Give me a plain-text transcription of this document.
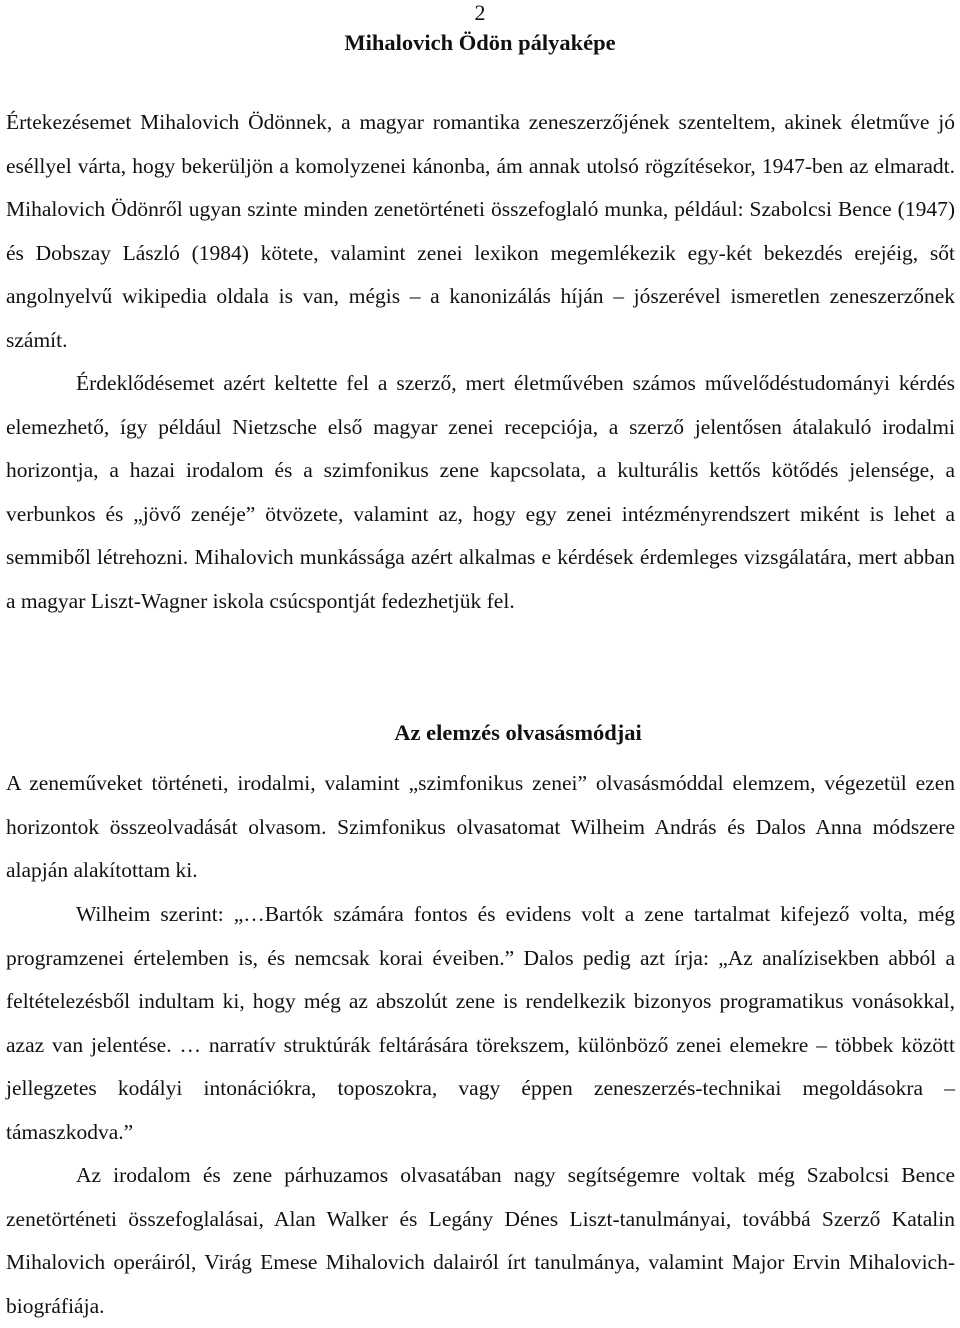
2
Mihalovich Ödön pályaképe

Értekezésemet Mihalovich Ödönnek, a magyar romantika zeneszerzőjének szenteltem, akinek életműve jó eséllyel várta, hogy bekerüljön a komolyzenei kánonba, ám annak utolsó rögzítésekor, 1947-ben az elmaradt. Mihalovich Ödönről ugyan szinte minden zenetörténeti összefoglaló munka, például: Szabolcsi Bence (1947) és Dobszay László (1984) kötete, valamint zenei lexikon megemlékezik egy-két bekezdés erejéig, sőt angolnyelvű wikipedia oldala is van, mégis – a kanonizálás híján – jószerével ismeretlen zeneszerzőnek számít.

Érdeklődésemet azért keltette fel a szerző, mert életművében számos művelődéstudományi kérdés elemezhető, így például Nietzsche első magyar zenei recepciója, a szerző jelentősen átalakuló irodalmi horizontja, a hazai irodalom és a szimfonikus zene kapcsolata, a kulturális kettős kötődés jelensége, a verbunkos és „jövő zenéje” ötvözete, valamint az, hogy egy zenei intézményrendszert miként is lehet a semmiből létrehozni. Mihalovich munkássága azért alkalmas e kérdések érdemleges vizsgálatára, mert abban a magyar Liszt-Wagner iskola csúcspontját fedezhetjük fel.

Az elemzés olvasásmódjai

A zeneműveket történeti, irodalmi, valamint „szimfonikus zenei” olvasásmóddal elemzem, végezetül ezen horizontok összeolvadását olvasom. Szimfonikus olvasatomat Wilheim András és Dalos Anna módszere alapján alakítottam ki.

Wilheim szerint: „…Bartók számára fontos és evidens volt a zene tartalmat kifejező volta, még programzenei értelemben is, és nemcsak korai éveiben.” Dalos pedig azt írja: „Az analízisekben abból a feltételezésből indultam ki, hogy még az abszolút zene is rendelkezik bizonyos programatikus vonásokkal, azaz van jelentése. … narratív struktúrák feltárására törekszem, különböző zenei elemekre – többek között jellegzetes kodályi intonációkra, toposzokra, vagy éppen zeneszerzés-technikai megoldásokra – támaszkodva.”

Az irodalom és zene párhuzamos olvasatában nagy segítségemre voltak még Szabolcsi Bence zenetörténeti összefoglalásai, Alan Walker és Legány Dénes Liszt-tanulmányai, továbbá Szerző Katalin Mihalovich operáiról, Virág Emese Mihalovich dalairól írt tanulmánya, valamint Major Ervin Mihalovich-biográfiája.
